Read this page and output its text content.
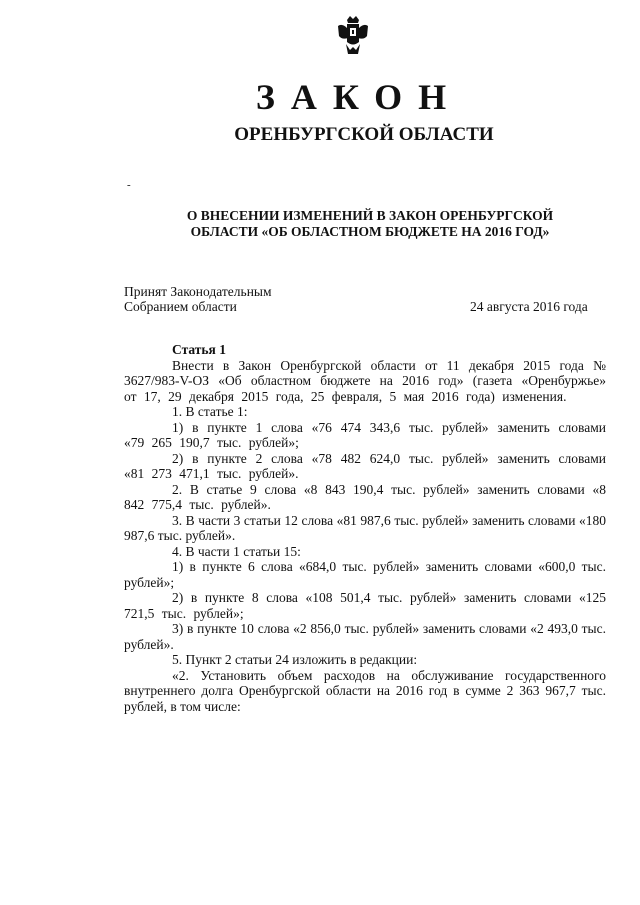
ЗАКОН
ОРЕНБУРГСКОЙ ОБЛАСТИ
-
О ВНЕСЕНИИ ИЗМЕНЕНИЙ В ЗАКОН ОРЕНБУРГСКОЙ
ОБЛАСТИ «ОБ ОБЛАСТНОМ БЮДЖЕТЕ НА 2016 ГОД»
Принят Законодательным
Собранием области	24 августа 2016 года

Статья 1

Внести в Закон Оренбургской области от 11 декабря 2015 года № 3627/983-V-ОЗ «Об областном бюджете на 2016 год» (газета «Оренбуржье» от 17, 29 декабря 2015 года, 25 февраля, 5 мая 2016 года) изменения.

1. В статье 1:

1) в пункте 1 слова «76 474 343,6 тыс. рублей» заменить словами «79 265 190,7 тыс. рублей»;

2) в пункте 2 слова «78 482 624,0 тыс. рублей» заменить словами «81 273 471,1 тыс. рублей».

2. В статье 9 слова «8 843 190,4 тыс. рублей» заменить словами «8 842 775,4 тыс. рублей».

3. В части 3 статьи 12 слова «81 987,6 тыс. рублей» заменить словами «180 987,6 тыс. рублей».

4. В части 1 статьи 15:

1) в пункте 6 слова «684,0 тыс. рублей» заменить словами «600,0 тыс. рублей»;

2) в пункте 8 слова «108 501,4 тыс. рублей» заменить словами «125 721,5 тыс. рублей»;

3) в пункте 10 слова «2 856,0 тыс. рублей» заменить словами «2 493,0 тыс. рублей».

5. Пункт 2 статьи 24 изложить в редакции:

«2. Установить объем расходов на обслуживание государственного внутреннего долга Оренбургской области на 2016 год в сумме 2 363 967,7 тыс. рублей, в том числе:
